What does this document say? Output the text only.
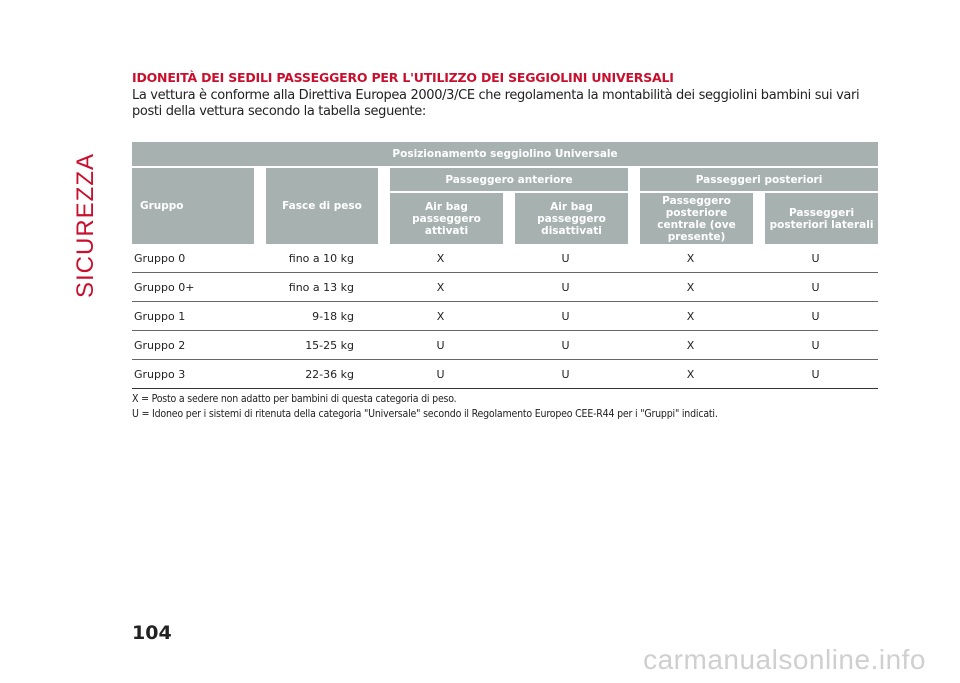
SICUREZZA
IDONEITÀ DEI SEDILI PASSEGGERO PER L'UTILIZZO DEI SEGGIOLINI UNIVERSALI

La vettura è conforme alla Direttiva Europea 2000/3/CE che regolamenta la montabilità dei seggiolini bambini sui vari posti della vettura secondo la tabella seguente:

Posizionamento seggiolino Universale					
Gruppo	Fasce di peso	Passeggero anteriore		Passeggeri posteriori	
		Air bag passeggero attivati	Air bag passeggero disattivati	Passeggero posteriore centrale (ove presente)	Passeggeri posteriori laterali
Gruppo 0	fino a 10 kg	X	U	X	U
Gruppo 0+	fino a 13 kg	X	U	X	U
Gruppo 1	9-18 kg	X	U	X	U
Gruppo 2	15-25 kg	U	U	X	U
Gruppo 3	22-36 kg	U	U	X	U
X = Posto a sedere non adatto per bambini di questa categoria di peso.
U = Idoneo per i sistemi di ritenuta della categoria "Universale" secondo il Regolamento Europeo CEE-R44 per i "Gruppi" indicati.
104
carmanualsonline.info
